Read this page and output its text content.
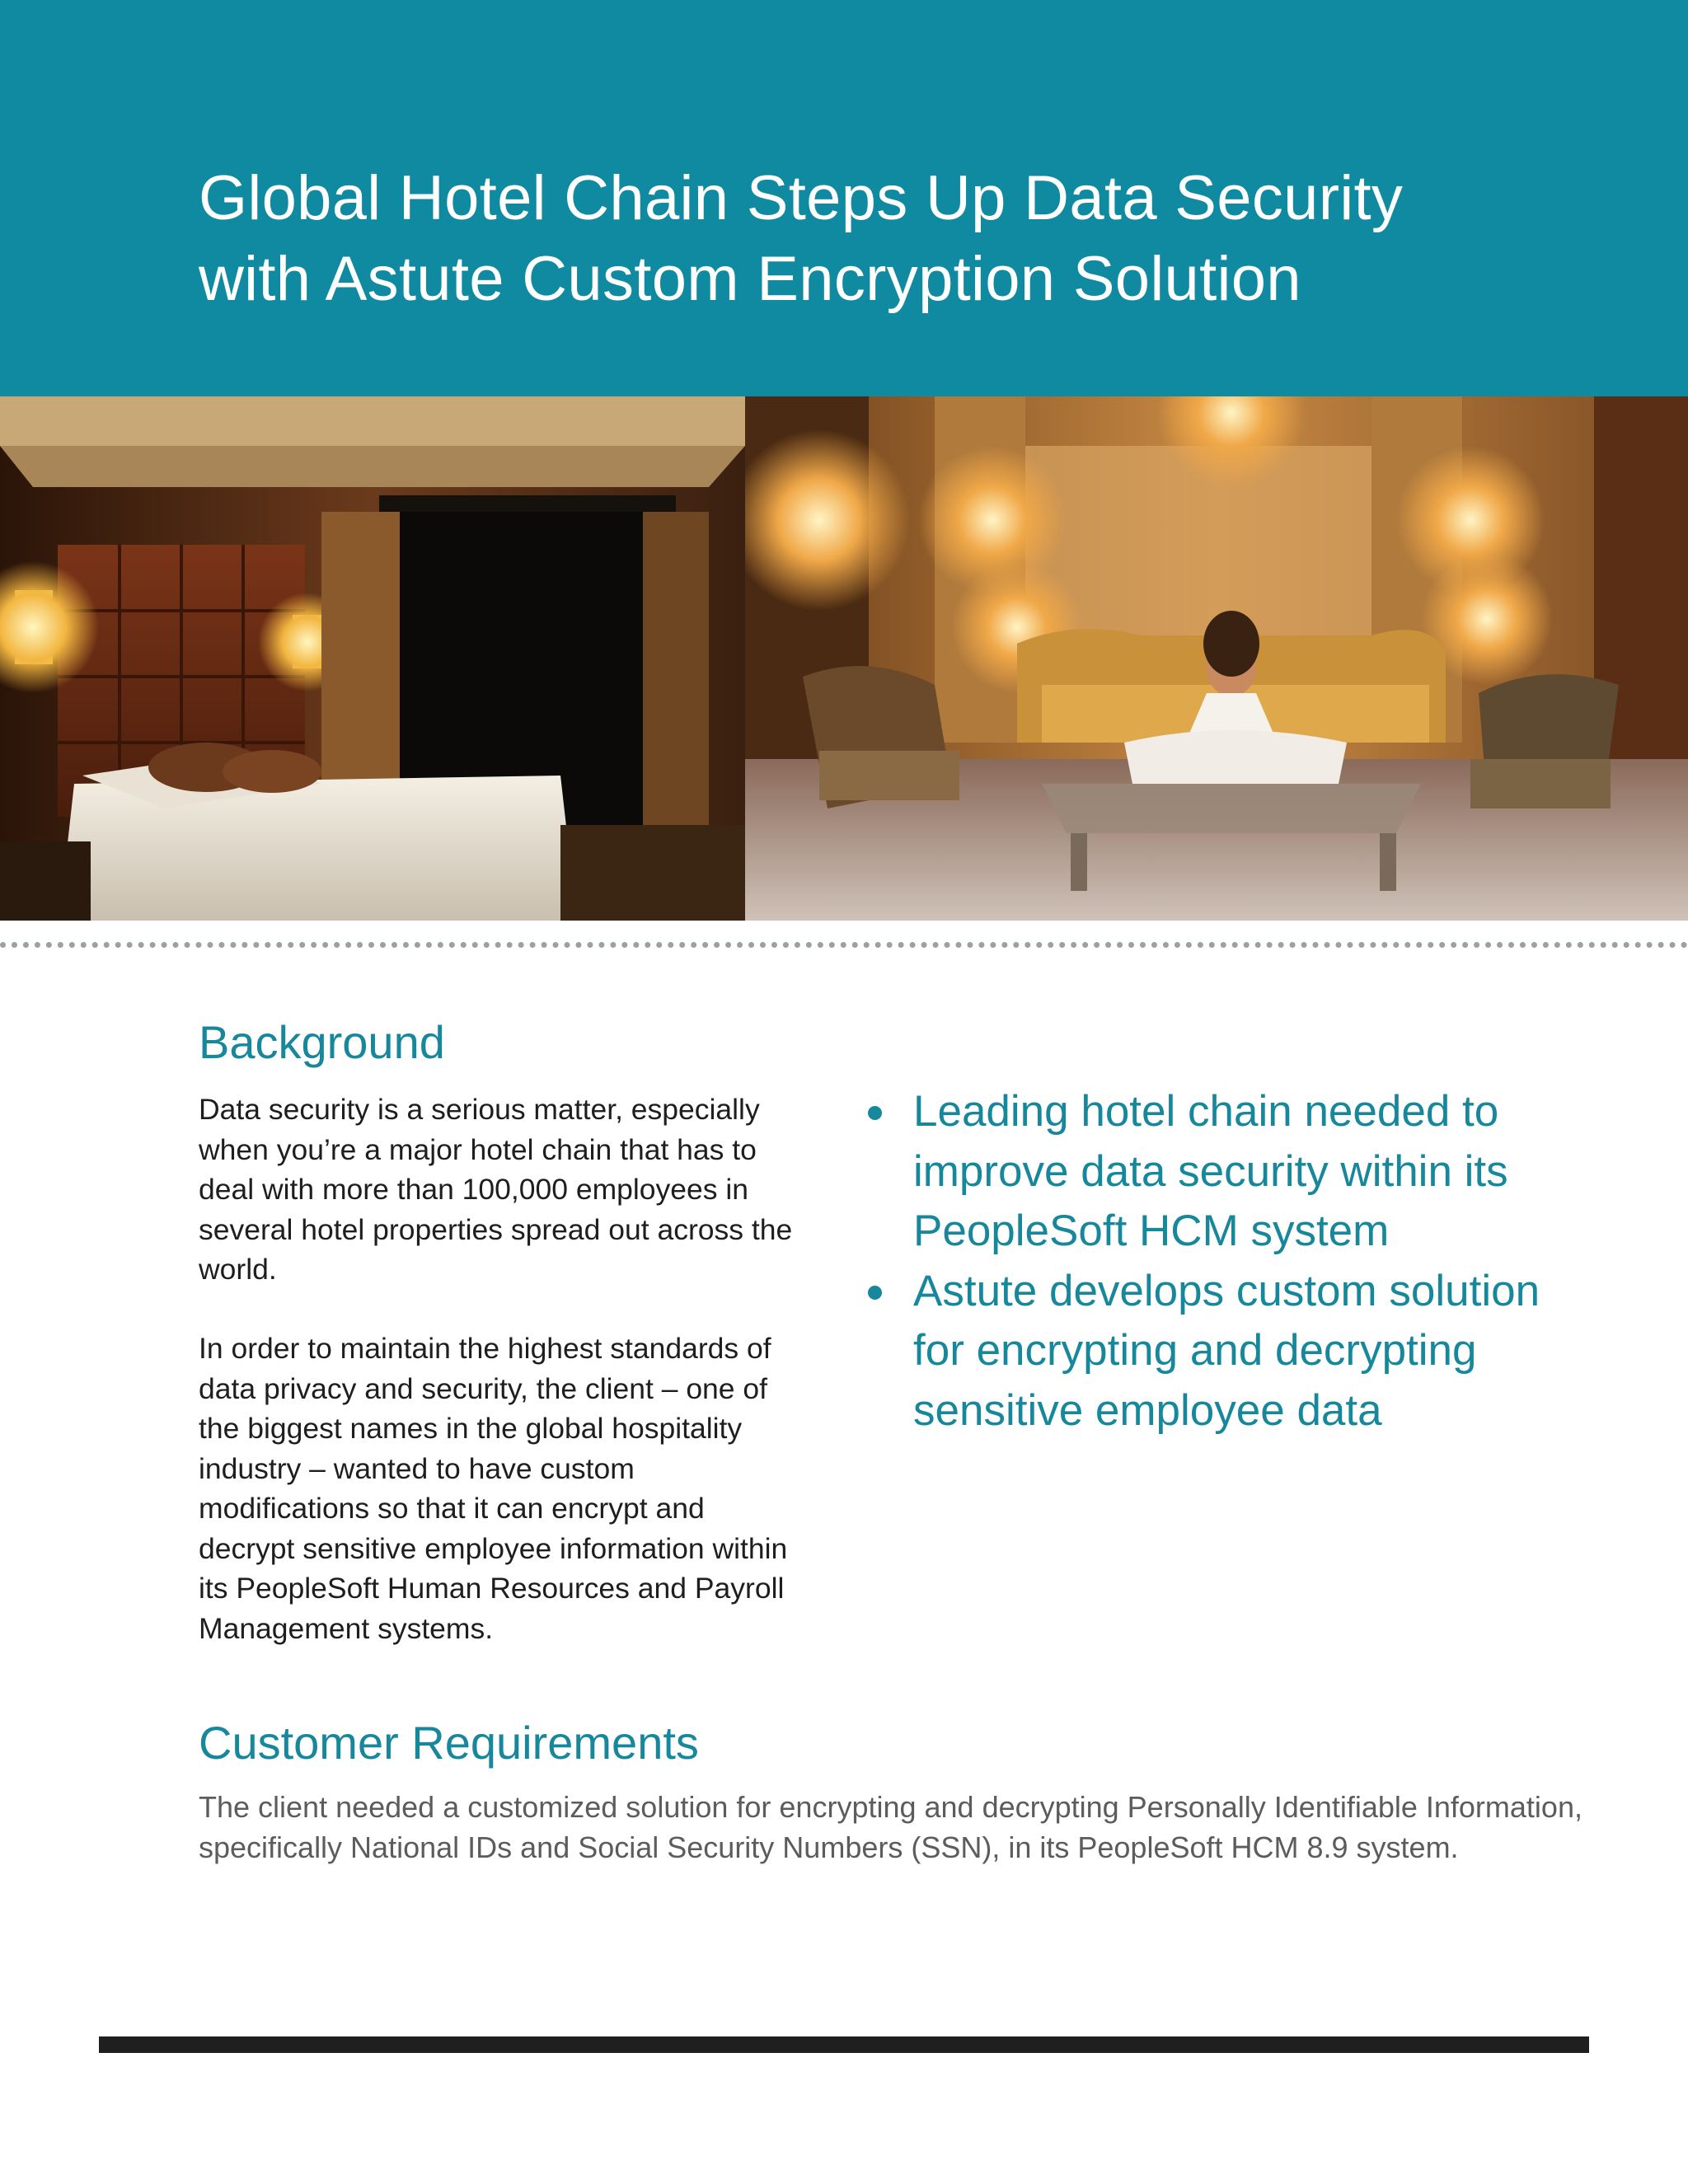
Global Hotel Chain Steps Up Data Security
with Astute Custom Encryption Solution
Background

Data security is a serious matter, especially when you’re a major hotel chain that has to deal with more than 100,000 employees in several hotel properties spread out across the world.

In order to maintain the highest standards of data privacy and security, the client – one of the biggest names in the global hospitality industry – wanted to have custom modifications so that it can encrypt and decrypt sensitive employee information within its PeopleSoft Human Resources and Payroll Management systems.

Leading hotel chain needed to improve data security within its PeopleSoft HCM system
Astute develops custom solution for encrypting and decrypting sensitive employee data
Customer Requirements

The client needed a customized solution for encrypting and decrypting Personally Identifiable Information, specifically National IDs and Social Security Numbers (SSN), in its PeopleSoft HCM 8.9 system.
